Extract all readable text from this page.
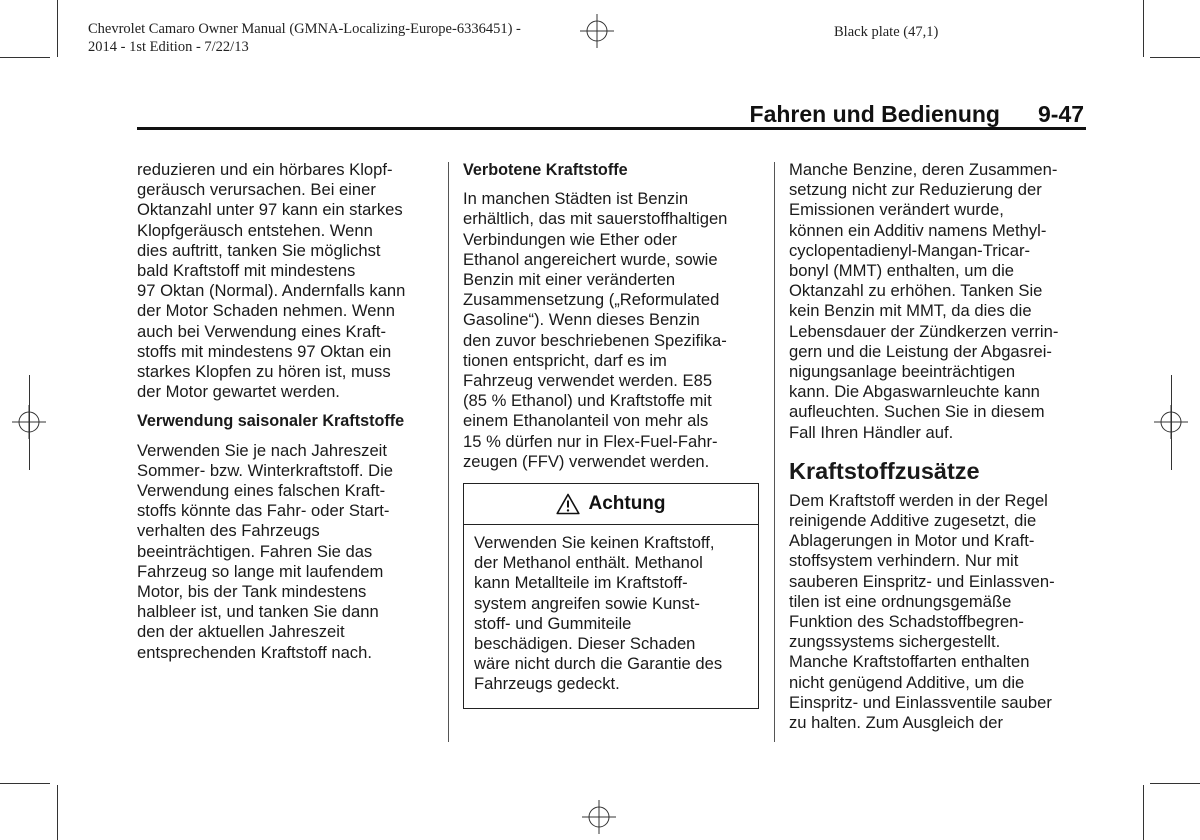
Chevrolet Camaro Owner Manual (GMNA-Localizing-Europe-6336451) -
2014 - 1st Edition - 7/22/13
Black plate (47,1)
Fahren und Bedienung 9-47

reduzieren und ein hörbares Klopf-
geräusch verursachen. Bei einer
Oktanzahl unter 97 kann ein starkes
Klopfgeräusch entstehen. Wenn
dies auftritt, tanken Sie möglichst
bald Kraftstoff mit mindestens
97 Oktan (Normal). Andernfalls kann
der Motor Schaden nehmen. Wenn
auch bei Verwendung eines Kraft-
stoffs mit mindestens 97 Oktan ein
starkes Klopfen zu hören ist, muss
der Motor gewartet werden.

Verwendung saisonaler Kraftstoffe

Verwenden Sie je nach Jahreszeit
Sommer- bzw. Winterkraftstoff. Die
Verwendung eines falschen Kraft-
stoffs könnte das Fahr- oder Start-
verhalten des Fahrzeugs
beeinträchtigen. Fahren Sie das
Fahrzeug so lange mit laufendem
Motor, bis der Tank mindestens
halbleer ist, und tanken Sie dann
den der aktuellen Jahreszeit
entsprechenden Kraftstoff nach.

Verbotene Kraftstoffe

In manchen Städten ist Benzin
erhältlich, das mit sauerstoffhaltigen
Verbindungen wie Ether oder
Ethanol angereichert wurde, sowie
Benzin mit einer veränderten
Zusammensetzung („Reformulated
Gasoline“). Wenn dieses Benzin
den zuvor beschriebenen Spezifika-
tionen entspricht, darf es im
Fahrzeug verwendet werden. E85
(85 % Ethanol) und Kraftstoffe mit
einem Ethanolanteil von mehr als
15 % dürfen nur in Flex-Fuel-Fahr-
zeugen (FFV) verwendet werden.

Achtung
Verwenden Sie keinen Kraftstoff,
der Methanol enthält. Methanol
kann Metallteile im Kraftstoff-
system angreifen sowie Kunst-
stoff- und Gummiteile
beschädigen. Dieser Schaden
wäre nicht durch die Garantie des
Fahrzeugs gedeckt.

Manche Benzine, deren Zusammen-
setzung nicht zur Reduzierung der
Emissionen verändert wurde,
können ein Additiv namens Methyl-
cyclopentadienyl-Mangan-Tricar-
bonyl (MMT) enthalten, um die
Oktanzahl zu erhöhen. Tanken Sie
kein Benzin mit MMT, da dies die
Lebensdauer der Zündkerzen verrin-
gern und die Leistung der Abgasrei-
nigungsanlage beeinträchtigen
kann. Die Abgaswarnleuchte kann
aufleuchten. Suchen Sie in diesem
Fall Ihren Händler auf.

Kraftstoffzusätze

Dem Kraftstoff werden in der Regel
reinigende Additive zugesetzt, die
Ablagerungen in Motor und Kraft-
stoffsystem verhindern. Nur mit
sauberen Einspritz- und Einlassven-
tilen ist eine ordnungsgemäße
Funktion des Schadstoffbegren-
zungssystems sichergestellt.
Manche Kraftstoffarten enthalten
nicht genügend Additive, um die
Einspritz- und Einlassventile sauber
zu halten. Zum Ausgleich der
